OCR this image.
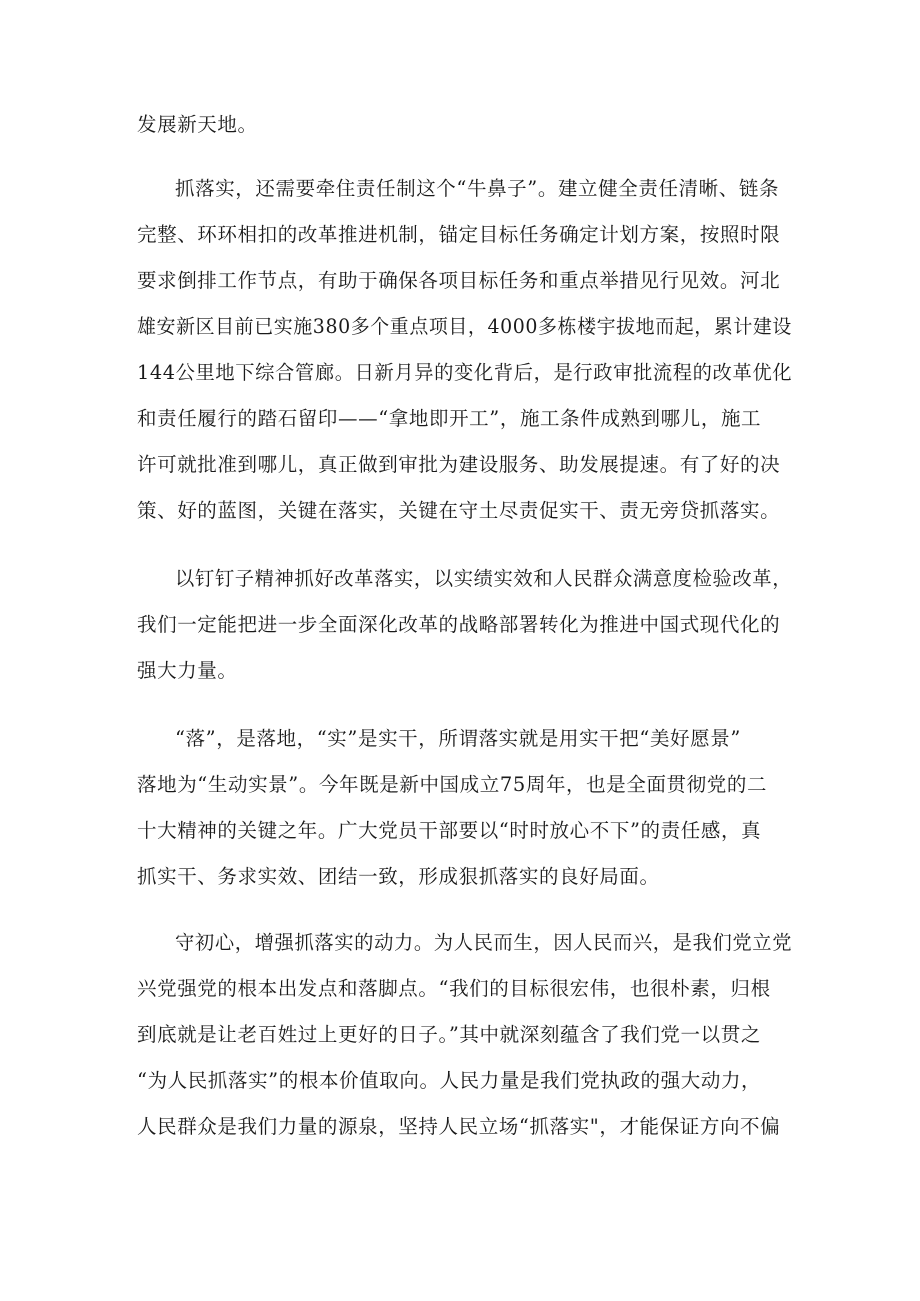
发展新天地。

抓落实，还需要牵住责任制这个“牛鼻子”。建立健全责任清晰、链条

完整、环环相扣的改革推进机制，锚定目标任务确定计划方案，按照时限

要求倒排工作节点，有助于确保各项目标任务和重点举措见行见效。河北

雄安新区目前已实施380多个重点项目，4000多栋楼宇拔地而起，累计建设

144公里地下综合管廊。日新月异的变化背后，是行政审批流程的改革优化

和责任履行的踏石留印——“拿地即开工”，施工条件成熟到哪儿，施工

许可就批准到哪儿，真正做到审批为建设服务、助发展提速。有了好的决

策、好的蓝图，关键在落实，关键在守土尽责促实干、责无旁贷抓落实。

以钉钉子精神抓好改革落实，以实绩实效和人民群众满意度检验改革，

我们一定能把进一步全面深化改革的战略部署转化为推进中国式现代化的

强大力量。

“落”，是落地，“实”是实干，所谓落实就是用实干把“美好愿景”

落地为“生动实景”。今年既是新中国成立75周年，也是全面贯彻党的二

十大精神的关键之年。广大党员干部要以“时时放心不下”的责任感，真

抓实干、务求实效、团结一致，形成狠抓落实的良好局面。

守初心，增强抓落实的动力。为人民而生，因人民而兴，是我们党立党

兴党强党的根本出发点和落脚点。“我们的目标很宏伟，也很朴素，归根

到底就是让老百姓过上更好的日子。”其中就深刻蕴含了我们党一以贯之

“为人民抓落实”的根本价值取向。人民力量是我们党执政的强大动力，

人民群众是我们力量的源泉，坚持人民立场“抓落实"，才能保证方向不偏
